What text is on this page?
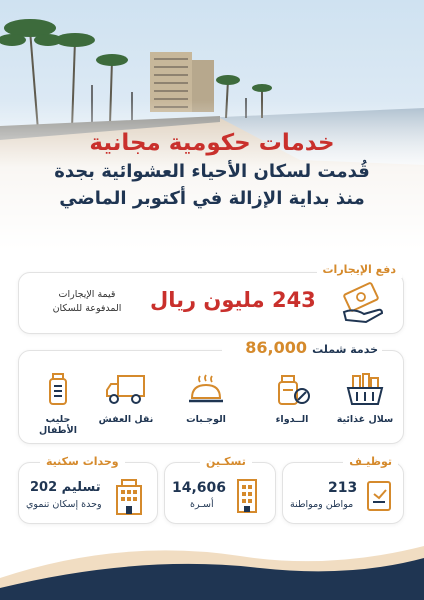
خدمات حكومية مجانية
قُدمت لسكان الأحياء العشوائية بجدة
منذ بداية الإزالة في أكتوبر الماضي
دفع الإيجارات
243 مليون ريال
قيمة الإيجارات
المدفوعة للسكان
خدمة شملت 86,000
سلال غذائية
الــدواء
الوجـبات
نقل العفش
حليب الأطفال
توظيـف
213
مواطن ومواطنة
تسكـين
14,606
أسـرة
وحدات سكنية
تسليم 202
وحدة إسكان تنموي
